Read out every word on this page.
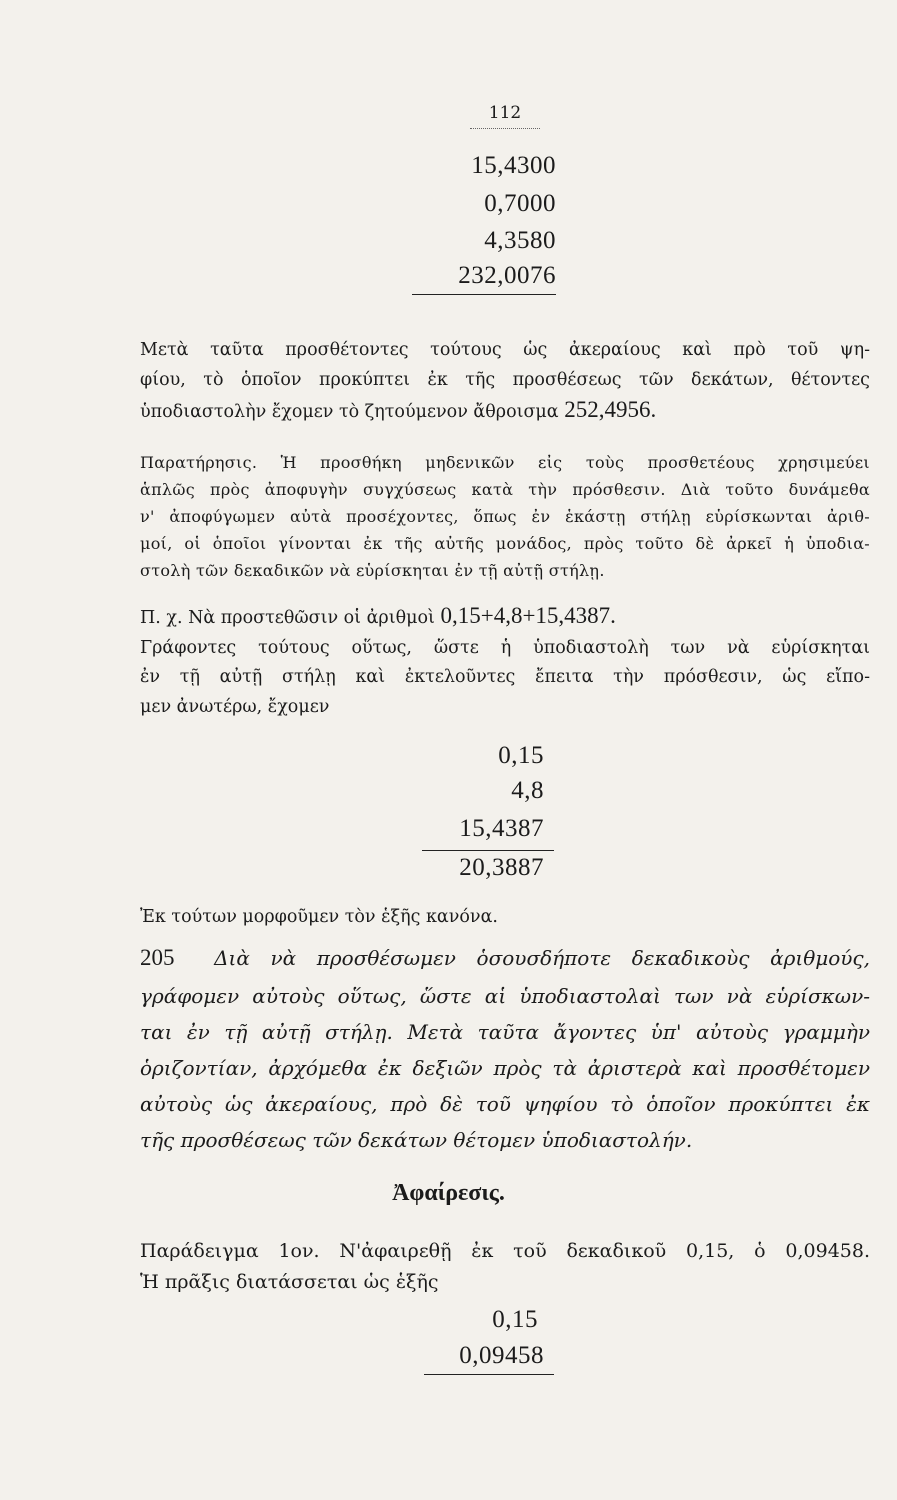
112
15,4300
0,7000
4,3580
232,0076
Μετὰ ταῦτα προσθέτοντες τούτους ὡς ἀκεραίους καὶ πρὸ τοῦ ψη-
φίου, τὸ ὁποῖον προκύπτει ἐκ τῆς προσθέσεως τῶν δεκάτων, θέτοντες
ὑποδιαστολὴν ἔχομεν τὸ ζητούμενον ἄθροισμα 252,4956.
Παρατήρησις. Ἡ προσθήκη μηδενικῶν εἰς τοὺς προσθετέους χρησιμεύει
ἁπλῶς πρὸς ἀποφυγὴν συγχύσεως κατὰ τὴν πρόσθεσιν. Διὰ τοῦτο δυνάμεθα
ν' ἀποφύγωμεν αὐτὰ προσέχοντες, ὅπως ἐν ἑκάστῃ στήλῃ εὑρίσκωνται ἀριθ-
μοί, οἱ ὁποῖοι γίνονται ἐκ τῆς αὐτῆς μονάδος, πρὸς τοῦτο δὲ ἀρκεῖ ἡ ὑποδια-
στολὴ τῶν δεκαδικῶν νὰ εὑρίσκηται ἐν τῇ αὐτῇ στήλῃ.
Π. χ. Νὰ προστεθῶσιν οἱ ἀριθμοὶ 0,15+4,8+15,4387.
Γράφοντες τούτους οὕτως, ὥστε ἡ ὑποδιαστολὴ των νὰ εὑρίσκηται
ἐν τῇ αὐτῇ στήλῃ καὶ ἐκτελοῦντες ἔπειτα τὴν πρόσθεσιν, ὡς εἴπο-
μεν ἀνωτέρω, ἔχομεν
0,15
4,8
15,4387
20,3887
Ἐκ τούτων μορφοῦμεν τὸν ἑξῆς κανόνα.
205 Διὰ νὰ προσθέσωμεν ὁσουσδήποτε δεκαδικοὺς ἀριθμούς,
γράφομεν αὐτοὺς οὕτως, ὥστε αἱ ὑποδιαστολαὶ των νὰ εὑρίσκων-
ται ἐν τῇ αὐτῇ στήλῃ. Μετὰ ταῦτα ἄγοντες ὑπ' αὐτοὺς γραμμὴν
ὁριζοντίαν, ἀρχόμεθα ἐκ δεξιῶν πρὸς τὰ ἀριστερὰ καὶ προσθέτομεν
αὐτοὺς ὡς ἀκεραίους, πρὸ δὲ τοῦ ψηφίου τὸ ὁποῖον προκύπτει ἐκ
τῆς προσθέσεως τῶν δεκάτων θέτομεν ὑποδιαστολήν.
Ἀφαίρεσις.
Παράδειγμα 1ον. Ν'ἀφαιρεθῇ ἐκ τοῦ δεκαδικοῦ 0,15, ὁ 0,09458.
Ἡ πρᾶξις διατάσσεται ὡς ἑξῆς
0,15
0,09458
